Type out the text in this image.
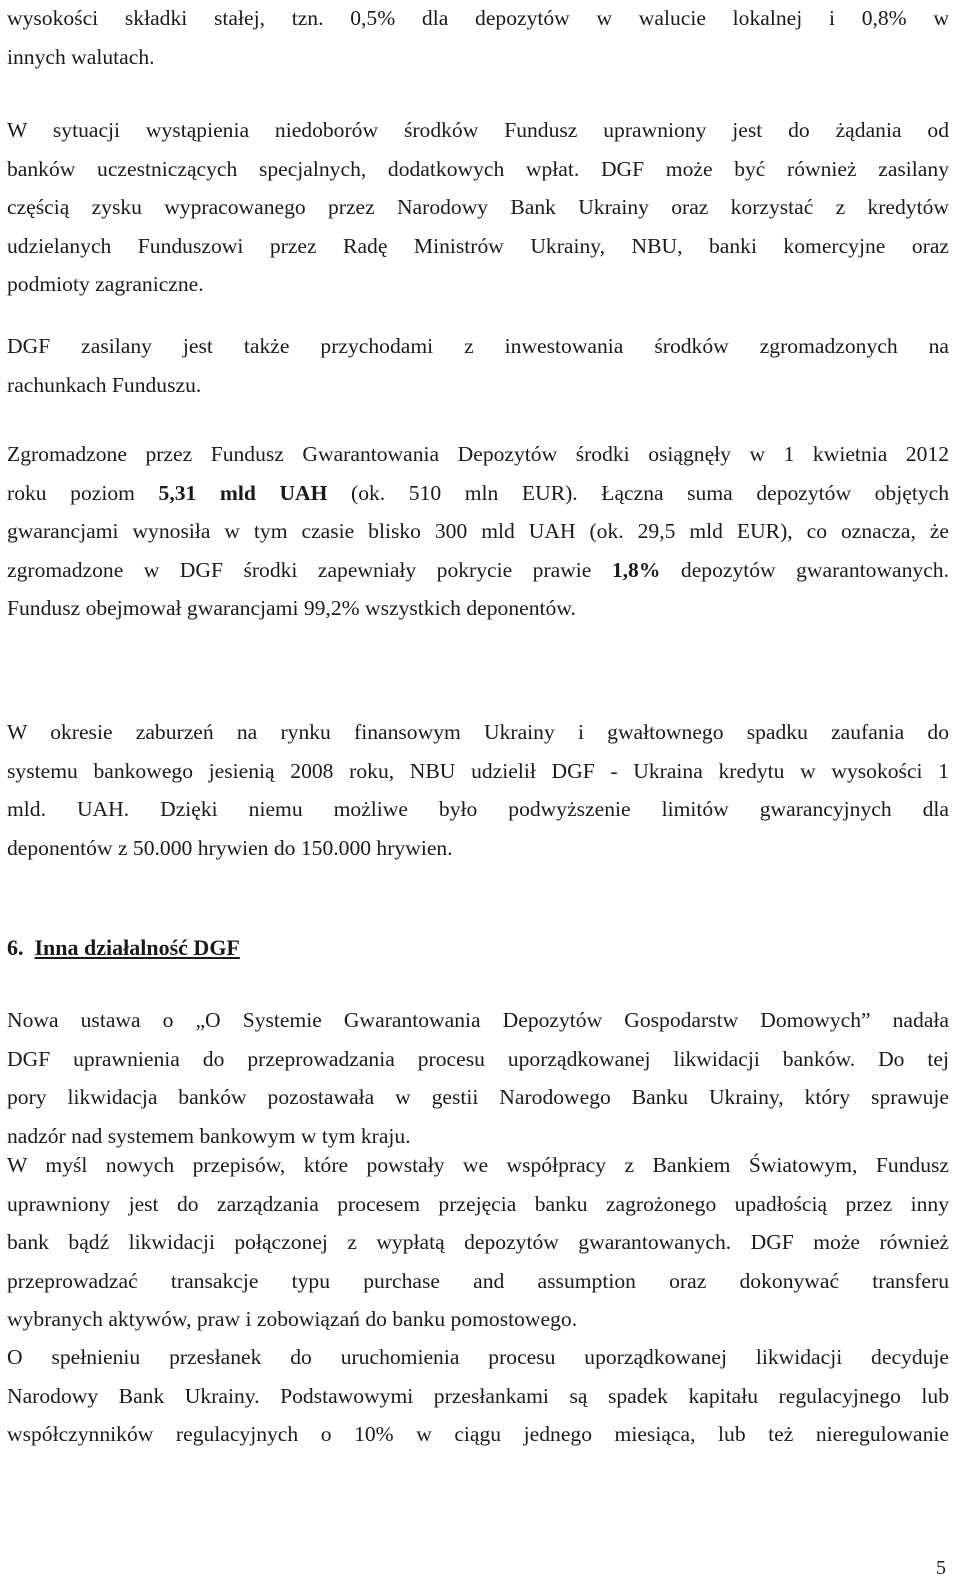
wysokości składki stałej, tzn. 0,5% dla depozytów w walucie lokalnej i 0,8% w
innych walutach.

W sytuacji wystąpienia niedoborów środków Fundusz uprawniony jest do żądania od
banków uczestniczących specjalnych, dodatkowych wpłat. DGF może być również zasilany
częścią zysku wypracowanego przez Narodowy Bank Ukrainy oraz korzystać z kredytów
udzielanych Funduszowi przez Radę Ministrów Ukrainy, NBU, banki komercyjne oraz
podmioty zagraniczne.

DGF zasilany jest także przychodami z inwestowania środków zgromadzonych na
rachunkach Funduszu.

Zgromadzone przez Fundusz Gwarantowania Depozytów środki osiągnęły w 1 kwietnia 2012
roku poziom 5,31 mld UAH (ok. 510 mln EUR). Łączna suma depozytów objętych
gwarancjami wynosiła w tym czasie blisko 300 mld UAH (ok. 29,5 mld EUR), co oznacza, że
zgromadzone w DGF środki zapewniały pokrycie prawie 1,8% depozytów gwarantowanych.
Fundusz obejmował gwarancjami 99,2% wszystkich deponentów.

W okresie zaburzeń na rynku finansowym Ukrainy i gwałtownego spadku zaufania do
systemu bankowego jesienią 2008 roku, NBU udzielił DGF - Ukraina kredytu w wysokości 1
mld. UAH. Dzięki niemu możliwe było podwyższenie limitów gwarancyjnych dla
deponentów z 50.000 hrywien do 150.000 hrywien.

6. Inna działalność DGF

Nowa ustawa o „O Systemie Gwarantowania Depozytów Gospodarstw Domowych” nadała
DGF uprawnienia do przeprowadzania procesu uporządkowanej likwidacji banków. Do tej
pory likwidacja banków pozostawała w gestii Narodowego Banku Ukrainy, który sprawuje
nadzór nad systemem bankowym w tym kraju.

W myśl nowych przepisów, które powstały we współpracy z Bankiem Światowym, Fundusz
uprawniony jest do zarządzania procesem przejęcia banku zagrożonego upadłością przez inny
bank bądź likwidacji połączonej z wypłatą depozytów gwarantowanych. DGF może również
przeprowadzać transakcje typu purchase and assumption oraz dokonywać transferu
wybranych aktywów, praw i zobowiązań do banku pomostowego.

O spełnieniu przesłanek do uruchomienia procesu uporządkowanej likwidacji decyduje
Narodowy Bank Ukrainy. Podstawowymi przesłankami są spadek kapitału regulacyjnego lub
współczynników regulacyjnych o 10% w ciągu jednego miesiąca, lub też nieregulowanie

5
